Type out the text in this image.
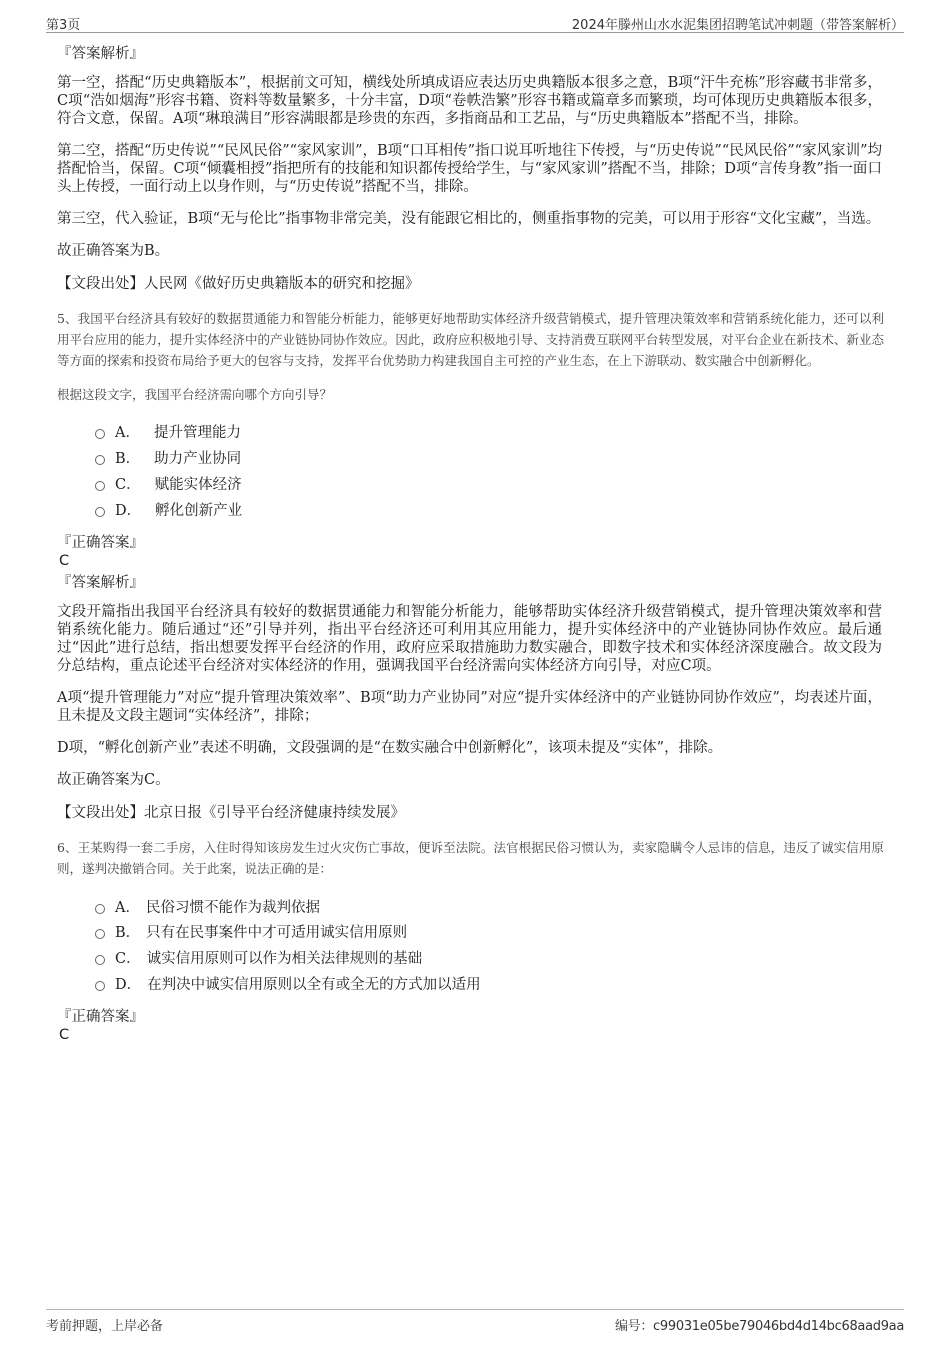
第3页	2024年滕州山水水泥集团招聘笔试冲刺题（带答案解析）

『答案解析』

第一空，搭配“历史典籍版本”，根据前文可知，横线处所填成语应表达历史典籍版本很多之意，B项“汗牛充栋”形容藏书非常多，C项“浩如烟海”形容书籍、资料等数量繁多，十分丰富，D项“卷帙浩繁”形容书籍或篇章多而繁琐，均可体现历史典籍版本很多，符合文意，保留。A项“琳琅满目”形容满眼都是珍贵的东西，多指商品和工艺品，与“历史典籍版本”搭配不当，排除。

第二空，搭配“历史传说”“民风民俗”“家风家训”，B项“口耳相传”指口说耳听地往下传授，与“历史传说”“民风民俗”“家风家训”均搭配恰当，保留。C项“倾囊相授”指把所有的技能和知识都传授给学生，与“家风家训”搭配不当，排除；D项“言传身教”指一面口头上传授，一面行动上以身作则，与“历史传说”搭配不当，排除。

第三空，代入验证，B项“无与伦比”指事物非常完美，没有能跟它相比的，侧重指事物的完美，可以用于形容“文化宝藏”，当选。

故正确答案为B。

【文段出处】人民网《做好历史典籍版本的研究和挖掘》

5、我国平台经济具有较好的数据贯通能力和智能分析能力，能够更好地帮助实体经济升级营销模式，提升管理决策效率和营销系统化能力，还可以利用平台应用的能力，提升实体经济中的产业链协同协作效应。因此，政府应积极地引导、支持消费互联网平台转型发展，对平台企业在新技术、新业态等方面的探索和投资布局给予更大的包容与支持，发挥平台优势助力构建我国自主可控的产业生态，在上下游联动、数实融合中创新孵化。

根据这段文字，我国平台经济需向哪个方向引导？

A． 提升管理能力
B． 助力产业协同
C． 赋能实体经济
D． 孵化创新产业

『正确答案』

C

『答案解析』

文段开篇指出我国平台经济具有较好的数据贯通能力和智能分析能力，能够帮助实体经济升级营销模式，提升管理决策效率和营销系统化能力。随后通过“还”引导并列，指出平台经济还可利用其应用能力，提升实体经济中的产业链协同协作效应。最后通过“因此”进行总结，指出想要发挥平台经济的作用，政府应采取措施助力数实融合，即数字技术和实体经济深度融合。故文段为分总结构，重点论述平台经济对实体经济的作用，强调我国平台经济需向实体经济方向引导，对应C项。

A项“提升管理能力”对应“提升管理决策效率”、B项“助力产业协同”对应“提升实体经济中的产业链协同协作效应”，均表述片面，且未提及文段主题词“实体经济”，排除；

D项，“孵化创新产业”表述不明确，文段强调的是“在数实融合中创新孵化”，该项未提及“实体”，排除。

故正确答案为C。

【文段出处】北京日报《引导平台经济健康持续发展》

6、王某购得一套二手房，入住时得知该房发生过火灾伤亡事故，便诉至法院。法官根据民俗习惯认为，卖家隐瞒令人忌讳的信息，违反了诚实信用原则，遂判决撤销合同。关于此案，说法正确的是：

A． 民俗习惯不能作为裁判依据
B． 只有在民事案件中才可适用诚实信用原则
C． 诚实信用原则可以作为相关法律规则的基础
D． 在判决中诚实信用原则以全有或全无的方式加以适用

『正确答案』

C

考前押题，上岸必备	编号：c99031e05be79046bd4d14bc68aad9aa
